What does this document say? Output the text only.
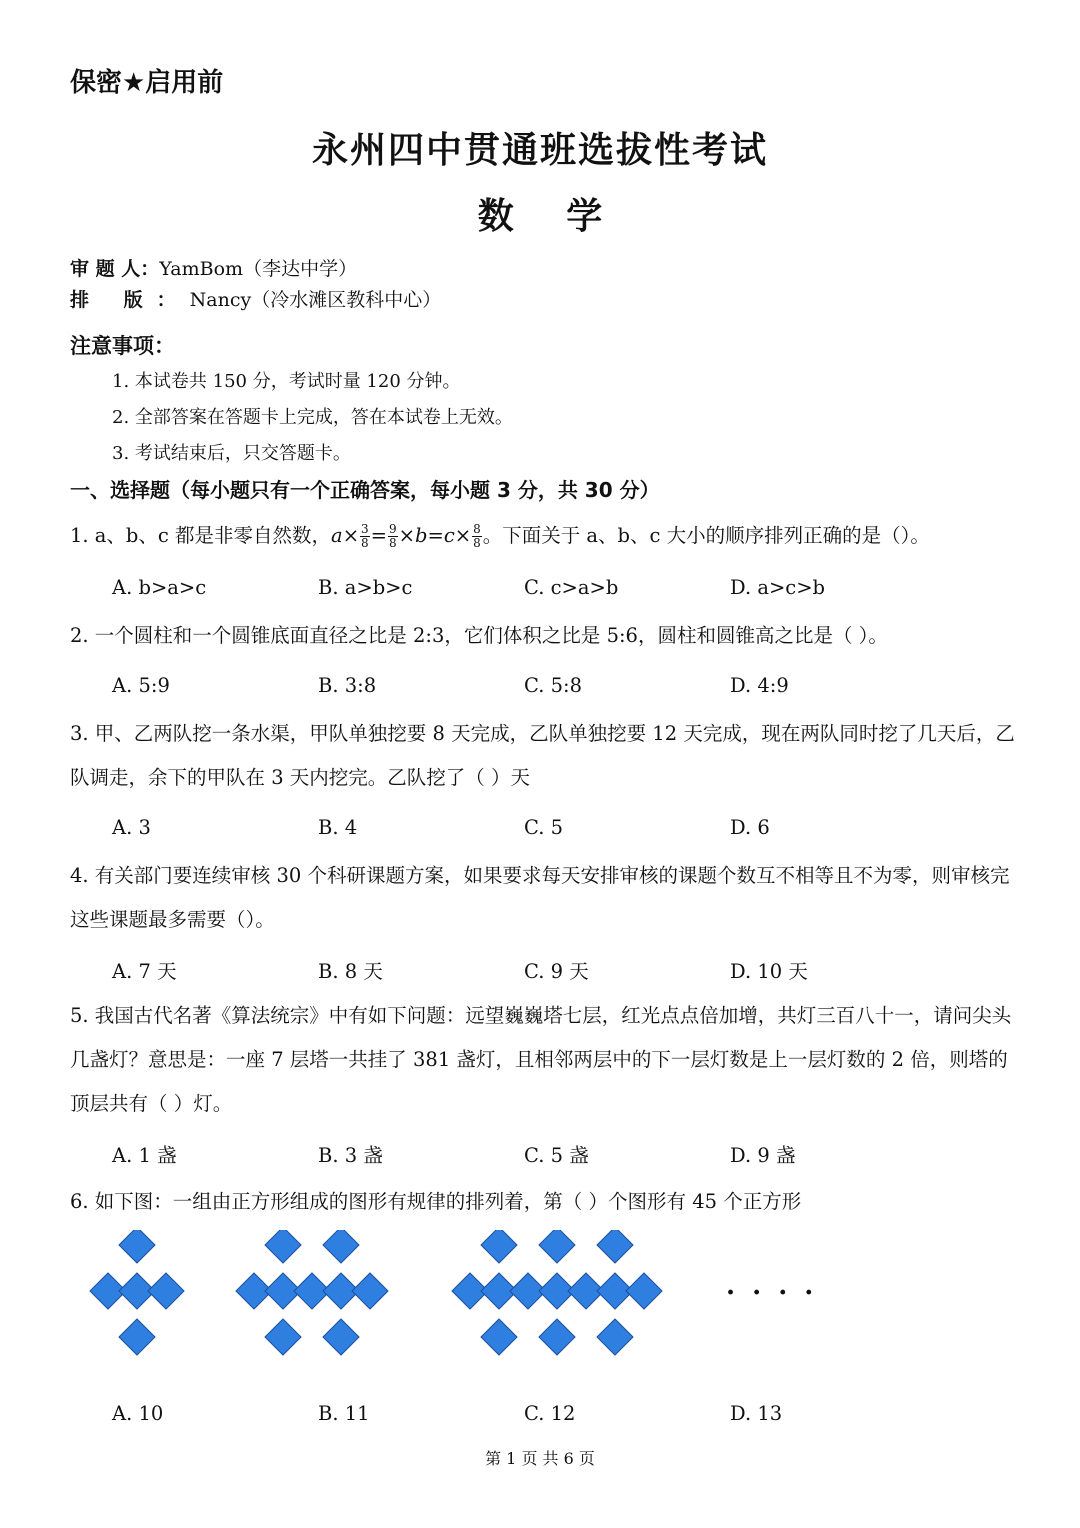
保密★启用前
永州四中贯通班选拔性考试
数 学
审 题 人：YamBom（李达中学）
排 版：Nancy（冷水滩区教科中心）
注意事项：
1. 本试卷共 150 分，考试时量 120 分钟。
2. 全部答案在答题卡上完成，答在本试卷上无效。
3. 考试结束后，只交答题卡。
一、选择题（每小题只有一个正确答案，每小题 3 分，共 30 分）
1. a、b、c 都是非零自然数，$a\times \frac{3}{8} = \frac{9}{8} \times b=c\times \frac{8}{8}$ 。下面关于 a、b、c 大小的顺序排列正确的是（）。
A. b>a>c	B. a>b>c	C. c>a>b	D. a>c>b
2. 一个圆柱和一个圆锥底面直径之比是 2:3，它们体积之比是 5:6，圆柱和圆锥高之比是（ ）。
A. 5:9	B. 3:8	C. 5:8	D. 4:9
3. 甲、乙两队挖一条水渠，甲队单独挖要 8 天完成，乙队单独挖要 12 天完成，现在两队同时挖了几天后，乙队调走，余下的甲队在 3 天内挖完。乙队挖了（ ）天
A. 3	B. 4	C. 5	D. 6
4. 有关部门要连续审核 30 个科研课题方案，如果要求每天安排审核的课题个数互不相等且不为零，则审核完这些课题最多需要（）。
A. 7 天	B. 8 天	C. 9 天	D. 10 天
5. 我国古代名著《算法统宗》中有如下问题：远望巍巍塔七层，红光点点倍加增，共灯三百八十一，请问尖头几盏灯？意思是：一座 7 层塔一共挂了 381 盏灯，且相邻两层中的下一层灯数是上一层灯数的 2 倍，则塔的顶层共有（ ）灯。
A. 1 盏	B. 3 盏	C. 5 盏	D. 9 盏
6. 如下图：一组由正方形组成的图形有规律的排列着，第（ ）个图形有 45 个正方形
· · · ·
A. 10	B. 11	C. 12	D. 13
第 1 页 共 6 页
